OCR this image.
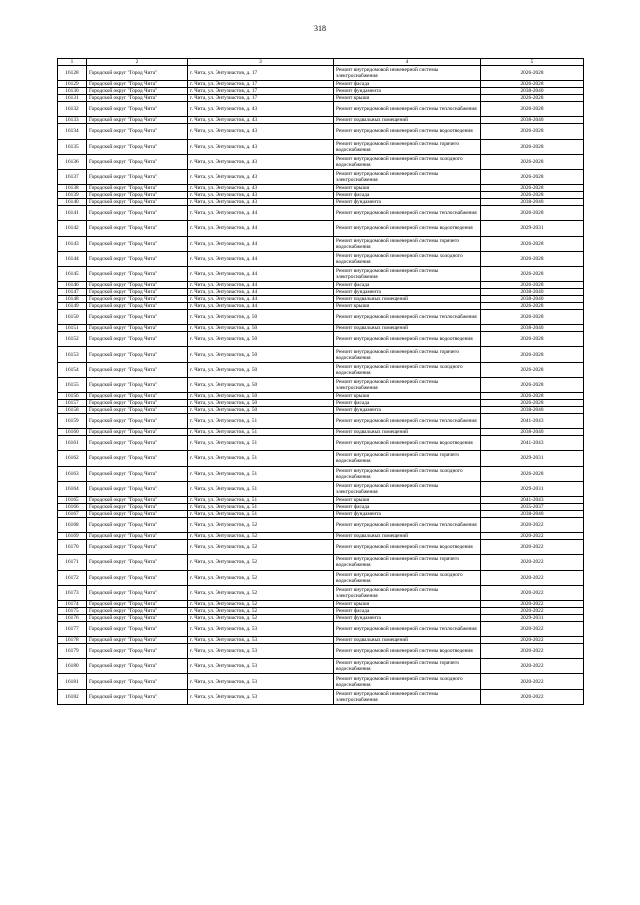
318
1	2	3	4	5
16128	Городской округ "Город Чита"	г. Чита, ул. Энтузиастов, д. 17	Ремонт внутридомовой инженерной системы электроснабжения	2026-2028
16129	Городской округ "Город Чита"	г. Чита, ул. Энтузиастов, д. 17	Ремонт фасада	2026-2028
16130	Городской округ "Город Чита"	г. Чита, ул. Энтузиастов, д. 17	Ремонт фундамента	2038-2040
16131	Городской округ "Город Чита"	г. Чита, ул. Энтузиастов, д. 17	Ремонт крыши	2026-2028
16132	Городской округ "Город Чита"	г. Чита, ул. Энтузиастов, д. 43	Ремонт внутридомовой инженерной системы теплоснабжения	2026-2028
16133	Городской округ "Город Чита"	г. Чита, ул. Энтузиастов, д. 43	Ремонт подвальных помещений	2038-2040
16134	Городской округ "Город Чита"	г. Чита, ул. Энтузиастов, д. 43	Ремонт внутридомовой инженерной системы водоотведения	2026-2028
16135	Городской округ "Город Чита"	г. Чита, ул. Энтузиастов, д. 43	Ремонт внутридомовой инженерной системы горячего водоснабжения	2026-2028
16136	Городской округ "Город Чита"	г. Чита, ул. Энтузиастов, д. 43	Ремонт внутридомовой инженерной системы холодного водоснабжения	2026-2028
16137	Городской округ "Город Чита"	г. Чита, ул. Энтузиастов, д. 43	Ремонт внутридомовой инженерной системы электроснабжения	2026-2028
16138	Городской округ "Город Чита"	г. Чита, ул. Энтузиастов, д. 43	Ремонт крыши	2026-2028
16139	Городской округ "Город Чита"	г. Чита, ул. Энтузиастов, д. 43	Ремонт фасада	2026-2028
16140	Городской округ "Город Чита"	г. Чита, ул. Энтузиастов, д. 43	Ремонт фундамента	2038-2040
16141	Городской округ "Город Чита"	г. Чита, ул. Энтузиастов, д. 44	Ремонт внутридомовой инженерной системы теплоснабжения	2026-2028
16142	Городской округ "Город Чита"	г. Чита, ул. Энтузиастов, д. 44	Ремонт внутридомовой инженерной системы водоотведения	2029-2031
16143	Городской округ "Город Чита"	г. Чита, ул. Энтузиастов, д. 44	Ремонт внутридомовой инженерной системы горячего водоснабжения	2026-2028
16144	Городской округ "Город Чита"	г. Чита, ул. Энтузиастов, д. 44	Ремонт внутридомовой инженерной системы холодного водоснабжения	2026-2028
16145	Городской округ "Город Чита"	г. Чита, ул. Энтузиастов, д. 44	Ремонт внутридомовой инженерной системы электроснабжения	2026-2028
16146	Городской округ "Город Чита"	г. Чита, ул. Энтузиастов, д. 44	Ремонт фасада	2026-2028
16147	Городской округ "Город Чита"	г. Чита, ул. Энтузиастов, д. 44	Ремонт фундамента	2038-2040
16148	Городской округ "Город Чита"	г. Чита, ул. Энтузиастов, д. 44	Ремонт подвальных помещений	2038-2040
16149	Городской округ "Город Чита"	г. Чита, ул. Энтузиастов, д. 44	Ремонт крыши	2026-2028
16150	Городской округ "Город Чита"	г. Чита, ул. Энтузиастов, д. 50	Ремонт внутридомовой инженерной системы теплоснабжения	2026-2028
16151	Городской округ "Город Чита"	г. Чита, ул. Энтузиастов, д. 50	Ремонт подвальных помещений	2038-2040
16152	Городской округ "Город Чита"	г. Чита, ул. Энтузиастов, д. 50	Ремонт внутридомовой инженерной системы водоотведения	2026-2028
16153	Городской округ "Город Чита"	г. Чита, ул. Энтузиастов, д. 50	Ремонт внутридомовой инженерной системы горячего водоснабжения	2026-2028
16154	Городской округ "Город Чита"	г. Чита, ул. Энтузиастов, д. 50	Ремонт внутридомовой инженерной системы холодного водоснабжения	2026-2028
16155	Городской округ "Город Чита"	г. Чита, ул. Энтузиастов, д. 50	Ремонт внутридомовой инженерной системы электроснабжения	2026-2028
16156	Городской округ "Город Чита"	г. Чита, ул. Энтузиастов, д. 50	Ремонт крыши	2026-2028
16157	Городской округ "Город Чита"	г. Чита, ул. Энтузиастов, д. 50	Ремонт фасада	2026-2028
16158	Городской округ "Город Чита"	г. Чита, ул. Энтузиастов, д. 50	Ремонт фундамента	2038-2040
16159	Городской округ "Город Чита"	г. Чита, ул. Энтузиастов, д. 51	Ремонт внутридомовой инженерной системы теплоснабжения	2041-2043
16160	Городской округ "Город Чита"	г. Чита, ул. Энтузиастов, д. 51	Ремонт подвальных помещений	2038-2040
16161	Городской округ "Город Чита"	г. Чита, ул. Энтузиастов, д. 51	Ремонт внутридомовой инженерной системы водоотведения	2041-2043
16162	Городской округ "Город Чита"	г. Чита, ул. Энтузиастов, д. 51	Ремонт внутридомовой инженерной системы горячего водоснабжения	2029-2031
16163	Городской округ "Город Чита"	г. Чита, ул. Энтузиастов, д. 51	Ремонт внутридомовой инженерной системы холодного водоснабжения	2026-2028
16164	Городской округ "Город Чита"	г. Чита, ул. Энтузиастов, д. 51	Ремонт внутридомовой инженерной системы электроснабжения	2029-2031
16165	Городской округ "Город Чита"	г. Чита, ул. Энтузиастов, д. 51	Ремонт крыши	2041-2043
16166	Городской округ "Город Чита"	г. Чита, ул. Энтузиастов, д. 51	Ремонт фасада	2035-2037
16167	Городской округ "Город Чита"	г. Чита, ул. Энтузиастов, д. 51	Ремонт фундамента	2038-2040
16168	Городской округ "Город Чита"	г. Чита, ул. Энтузиастов, д. 52	Ремонт внутридомовой инженерной системы теплоснабжения	2020-2022
16169	Городской округ "Город Чита"	г. Чита, ул. Энтузиастов, д. 52	Ремонт подвальных помещений	2020-2022
16170	Городской округ "Город Чита"	г. Чита, ул. Энтузиастов, д. 52	Ремонт внутридомовой инженерной системы водоотведения	2020-2022
16171	Городской округ "Город Чита"	г. Чита, ул. Энтузиастов, д. 52	Ремонт внутридомовой инженерной системы горячего водоснабжения	2020-2022
16172	Городской округ "Город Чита"	г. Чита, ул. Энтузиастов, д. 52	Ремонт внутридомовой инженерной системы холодного водоснабжения	2020-2022
16173	Городской округ "Город Чита"	г. Чита, ул. Энтузиастов, д. 52	Ремонт внутридомовой инженерной системы электроснабжения	2020-2022
16174	Городской округ "Город Чита"	г. Чита, ул. Энтузиастов, д. 52	Ремонт крыши	2020-2022
16175	Городской округ "Город Чита"	г. Чита, ул. Энтузиастов, д. 52	Ремонт фасада	2020-2022
16176	Городской округ "Город Чита"	г. Чита, ул. Энтузиастов, д. 52	Ремонт фундамента	2029-2031
16177	Городской округ "Город Чита"	г. Чита, ул. Энтузиастов, д. 53	Ремонт внутридомовой инженерной системы теплоснабжения	2020-2022
16178	Городской округ "Город Чита"	г. Чита, ул. Энтузиастов, д. 53	Ремонт подвальных помещений	2020-2022
16179	Городской округ "Город Чита"	г. Чита, ул. Энтузиастов, д. 53	Ремонт внутридомовой инженерной системы водоотведения	2020-2022
16180	Городской округ "Город Чита"	г. Чита, ул. Энтузиастов, д. 53	Ремонт внутридомовой инженерной системы горячего водоснабжения	2020-2022
16181	Городской округ "Город Чита"	г. Чита, ул. Энтузиастов, д. 53	Ремонт внутридомовой инженерной системы холодного водоснабжения	2020-2022
16182	Городской округ "Город Чита"	г. Чита, ул. Энтузиастов, д. 53	Ремонт внутридомовой инженерной системы электроснабжения	2020-2022
